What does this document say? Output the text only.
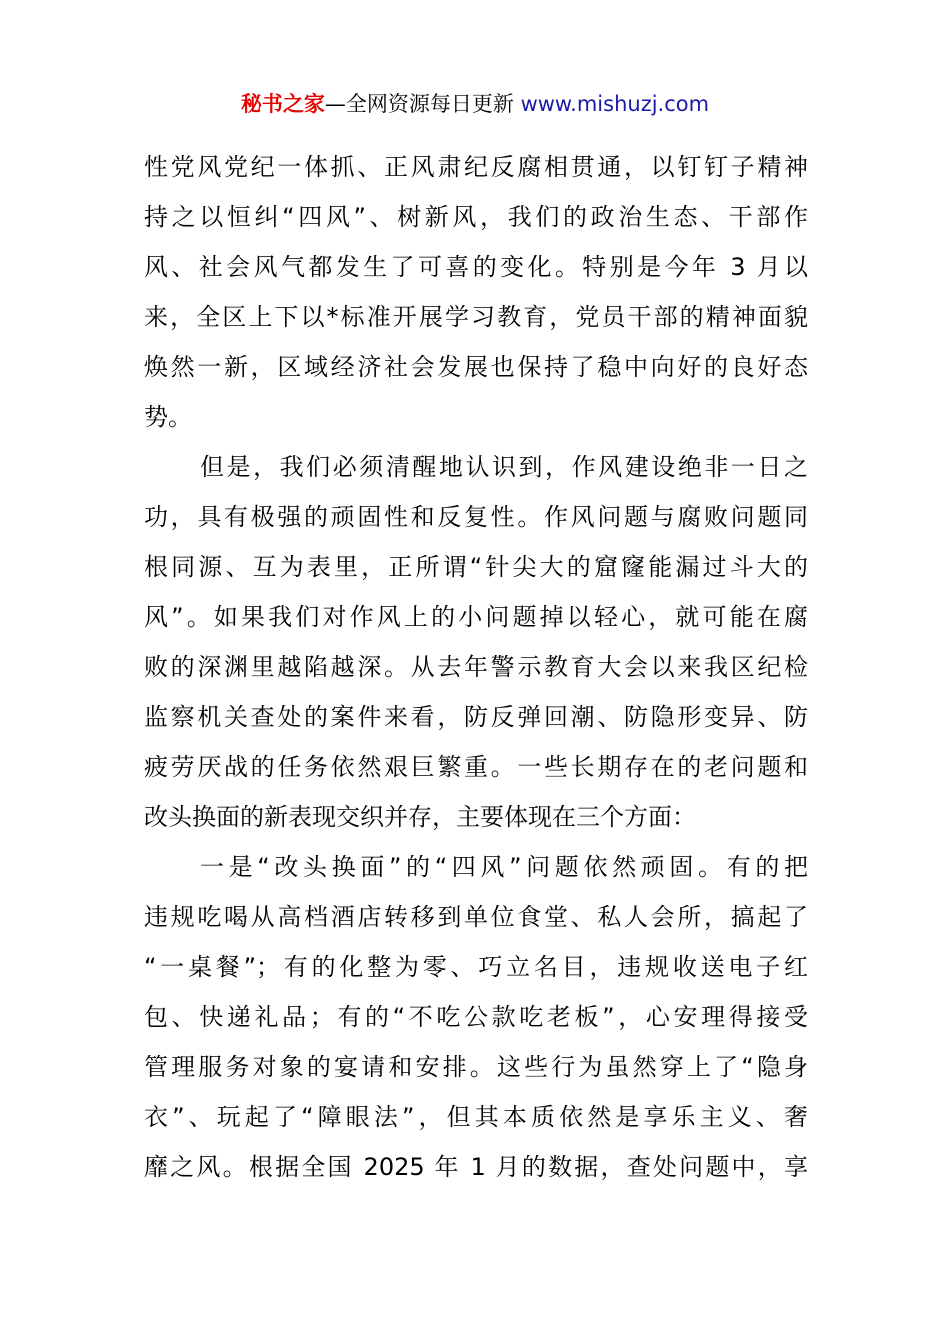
秘书之家—全网资源每日更新 www.mishuzj.com
性党风党纪一体抓、正风肃纪反腐相贯通，以钉钉子精神
持之以恒纠“四风”、树新风，我们的政治生态、干部作
风、社会风气都发生了可喜的变化。特别是今年 3 月以
来，全区上下以*标准开展学习教育，党员干部的精神面貌
焕然一新，区域经济社会发展也保持了稳中向好的良好态
势。
但是，我们必须清醒地认识到，作风建设绝非一日之
功，具有极强的顽固性和反复性。作风问题与腐败问题同
根同源、互为表里，正所谓“针尖大的窟窿能漏过斗大的
风”。如果我们对作风上的小问题掉以轻心，就可能在腐
败的深渊里越陷越深。从去年警示教育大会以来我区纪检
监察机关查处的案件来看，防反弹回潮、防隐形变异、防
疲劳厌战的任务依然艰巨繁重。一些长期存在的老问题和
改头换面的新表现交织并存，主要体现在三个方面：
一是“改头换面”的“四风”问题依然顽固。有的把
违规吃喝从高档酒店转移到单位食堂、私人会所，搞起了
“一桌餐”；有的化整为零、巧立名目，违规收送电子红
包、快递礼品；有的“不吃公款吃老板”，心安理得接受
管理服务对象的宴请和安排。这些行为虽然穿上了“隐身
衣”、玩起了“障眼法”，但其本质依然是享乐主义、奢
靡之风。根据全国 2025 年 1 月的数据，查处问题中，享
